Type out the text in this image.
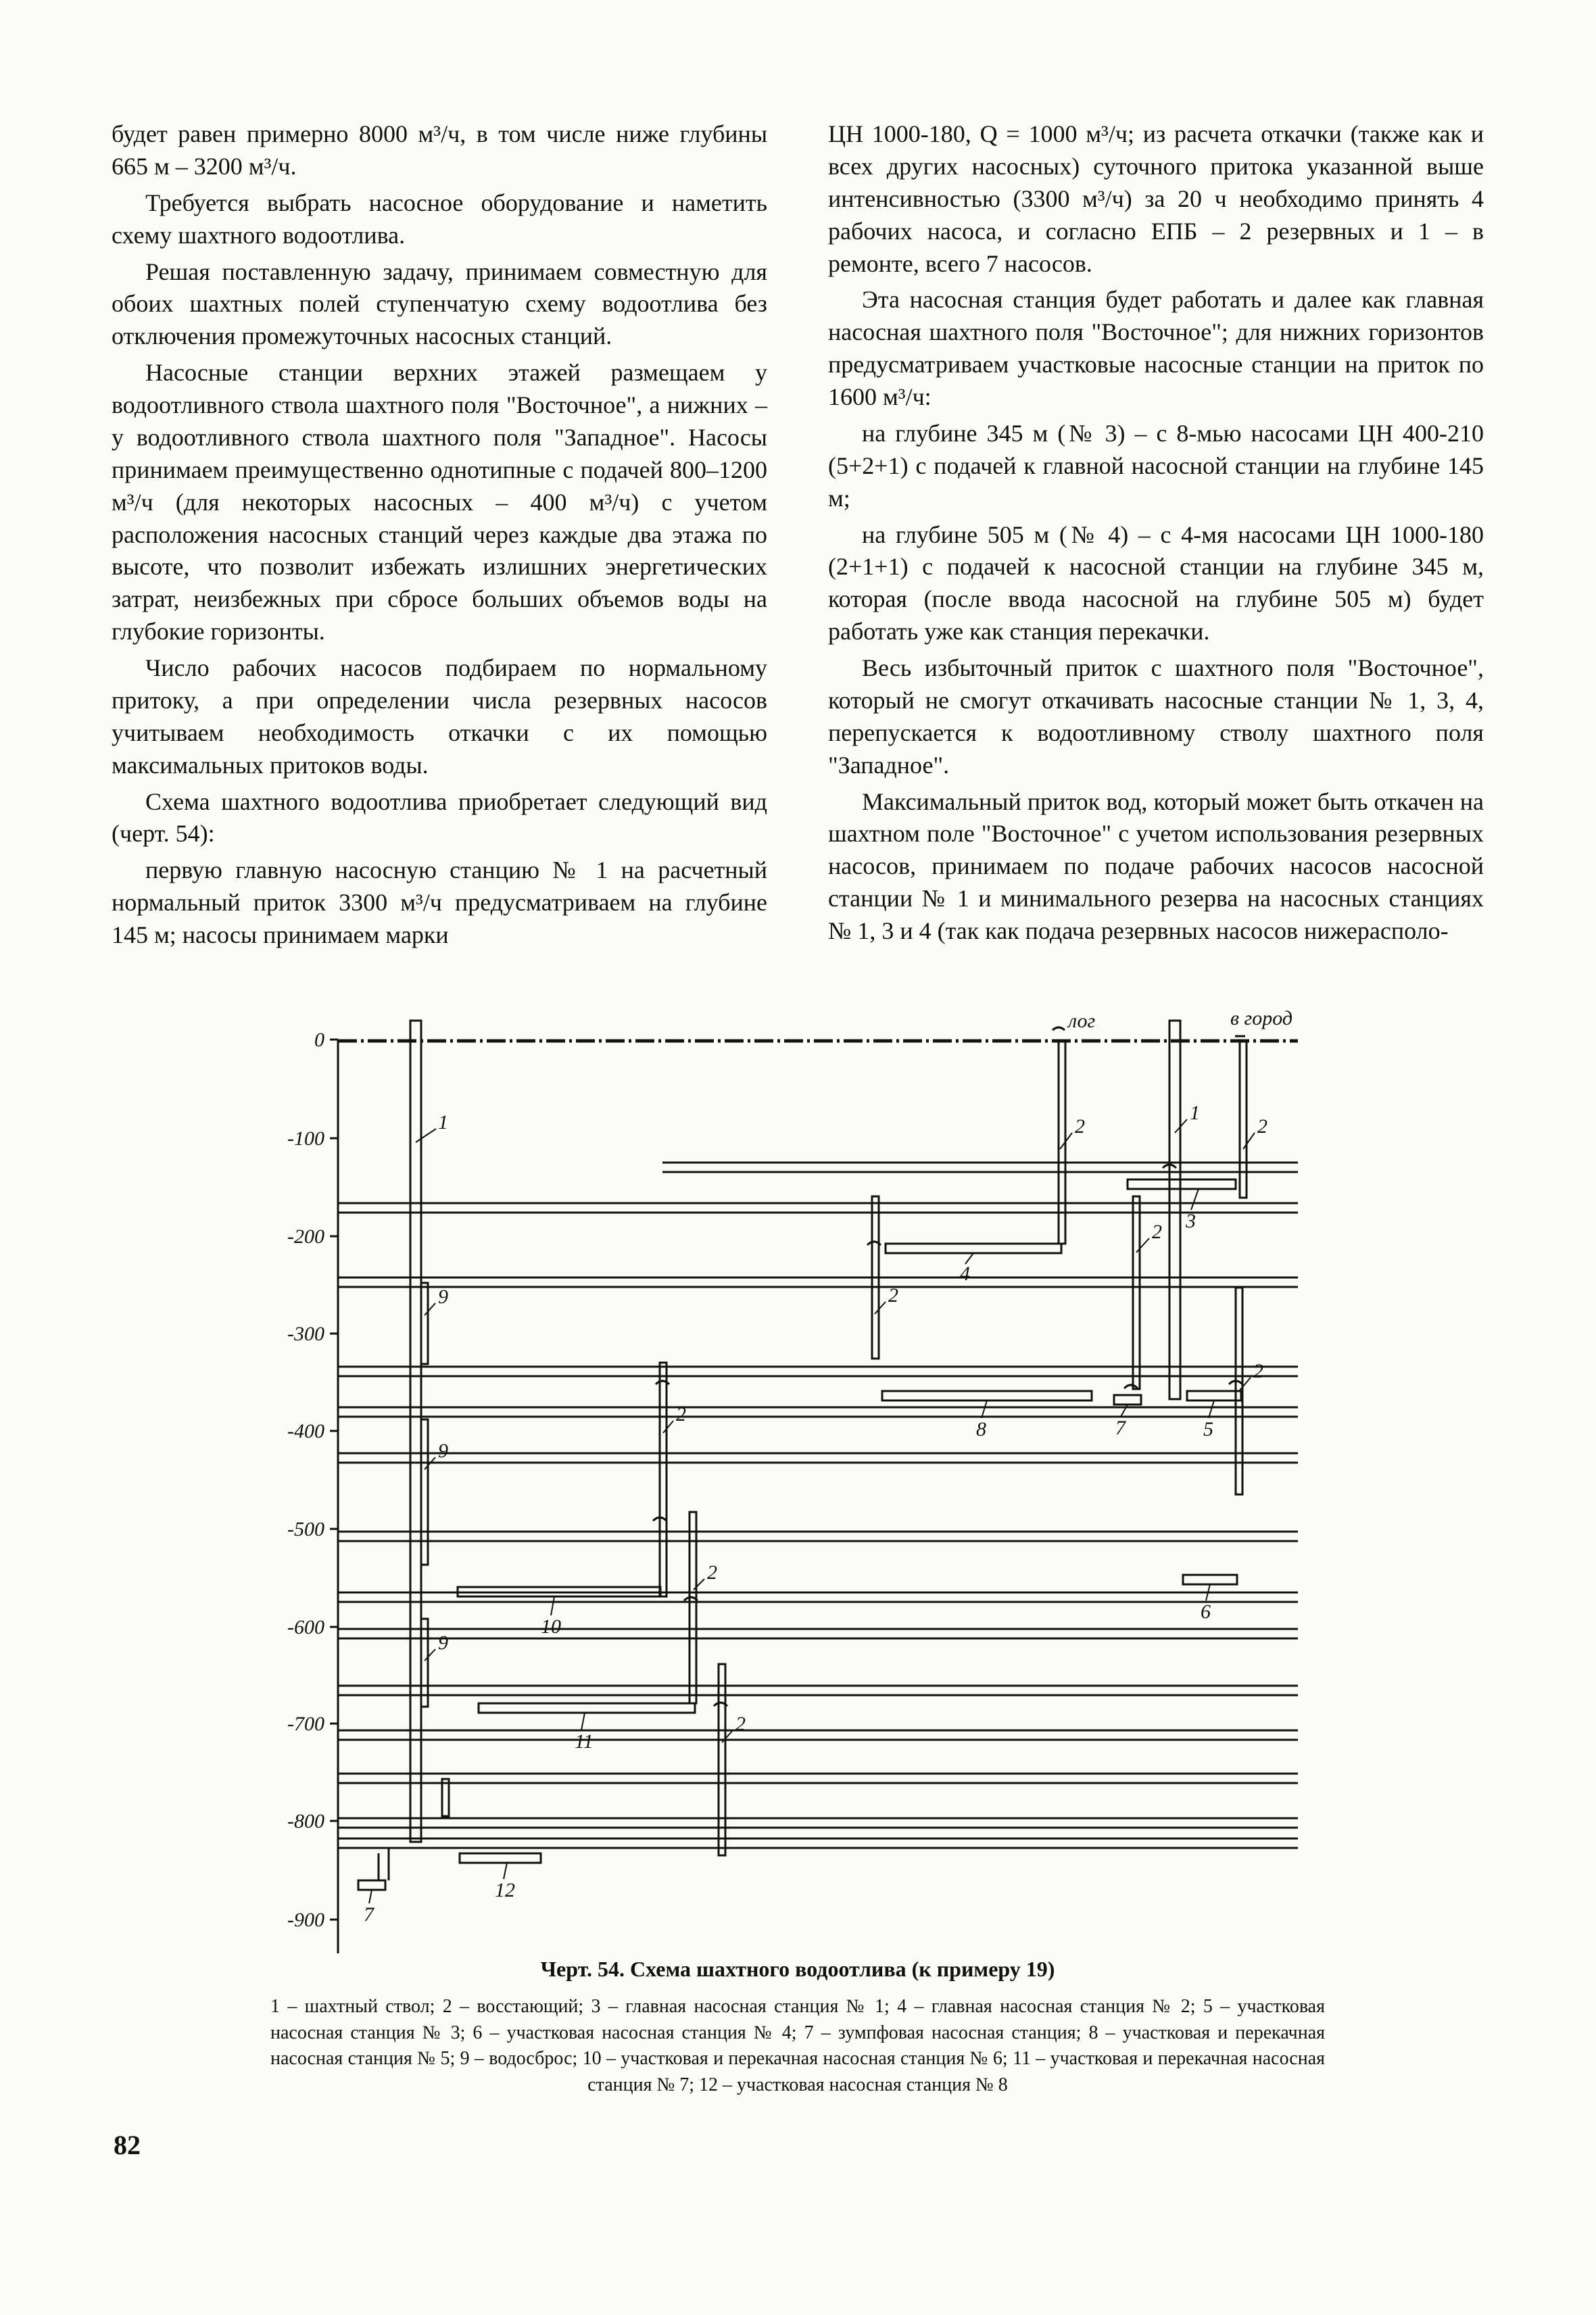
будет равен примерно 8000 м³/ч, в том числе ниже глубины 665 м – 3200 м³/ч.

Требуется выбрать насосное оборудование и наметить схему шахтного водоотлива.

Решая поставленную задачу, принимаем совместную для обоих шахтных полей ступенчатую схему водоотлива без отключения промежуточных насосных станций.

Насосные станции верхних этажей размещаем у водоотливного ствола шахтного поля "Восточное", а нижних – у водоотливного ствола шахтного поля "Западное". Насосы принимаем преимущественно однотипные с подачей 800–1200 м³/ч (для некоторых насосных – 400 м³/ч) с учетом расположения насосных станций через каждые два этажа по высоте, что позволит избежать излишних энергетических затрат, неизбежных при сбросе больших объемов воды на глубокие горизонты.

Число рабочих насосов подбираем по нормальному притоку, а при определении числа резервных насосов учитываем необходимость откачки с их помощью максимальных притоков воды.

Схема шахтного водоотлива приобретает следующий вид (черт. 54):

первую главную насосную станцию № 1 на расчетный нормальный приток 3300 м³/ч предусматриваем на глубине 145 м; насосы принимаем марки

ЦН 1000-180, Q = 1000 м³/ч; из расчета откачки (также как и всех других насосных) суточного притока указанной выше интенсивностью (3300 м³/ч) за 20 ч необходимо принять 4 рабочих насоса, и согласно ЕПБ – 2 резервных и 1 – в ремонте, всего 7 насосов.

Эта насосная станция будет работать и далее как главная насосная шахтного поля "Восточное"; для нижних горизонтов предусматриваем участковые насосные станции на приток по 1600 м³/ч:

на глубине 345 м (№ 3) – с 8-мью насосами ЦН 400-210 (5+2+1) с подачей к главной насосной станции на глубине 145 м;

на глубине 505 м (№ 4) – с 4-мя насосами ЦН 1000-180 (2+1+1) с подачей к насосной станции на глубине 345 м, которая (после ввода насосной на глубине 505 м) будет работать уже как станция перекачки.

Весь избыточный приток с шахтного поля "Восточное", который не смогут откачивать насосные станции № 1, 3, 4, перепускается к водоотливному стволу шахтного поля "Западное".

Максимальный приток вод, который может быть откачен на шахтном поле "Восточное" с учетом использования резервных насосов, принимаем по подаче рабочих насосов насосной станции № 1 и минимального резерва на насосных станциях № 1, 3 и 4 (так как подача резервных насосов нижерасполо-

0
-100
-200
-300
-400
-500
-600
-700
-800
-900
лог	в город
1	1
2	2
2
2
2
2
2
2
3
4
5
6
7
7
8
9
9
9
10
11
12
Черт. 54. Схема шахтного водоотлива (к примеру 19)
1 – шахтный ствол; 2 – восстающий; 3 – главная насосная станция № 1; 4 – главная насосная станция № 2; 5 – участковая насосная станция № 3; 6 – участковая насосная станция № 4; 7 – зумпфовая насосная станция; 8 – участковая и перекачная насосная станция № 5; 9 – водосброс; 10 – участковая и перекачная насосная станция № 6; 11 – участковая и перекачная насосная станция № 7; 12 – участковая насосная станция № 8
82
